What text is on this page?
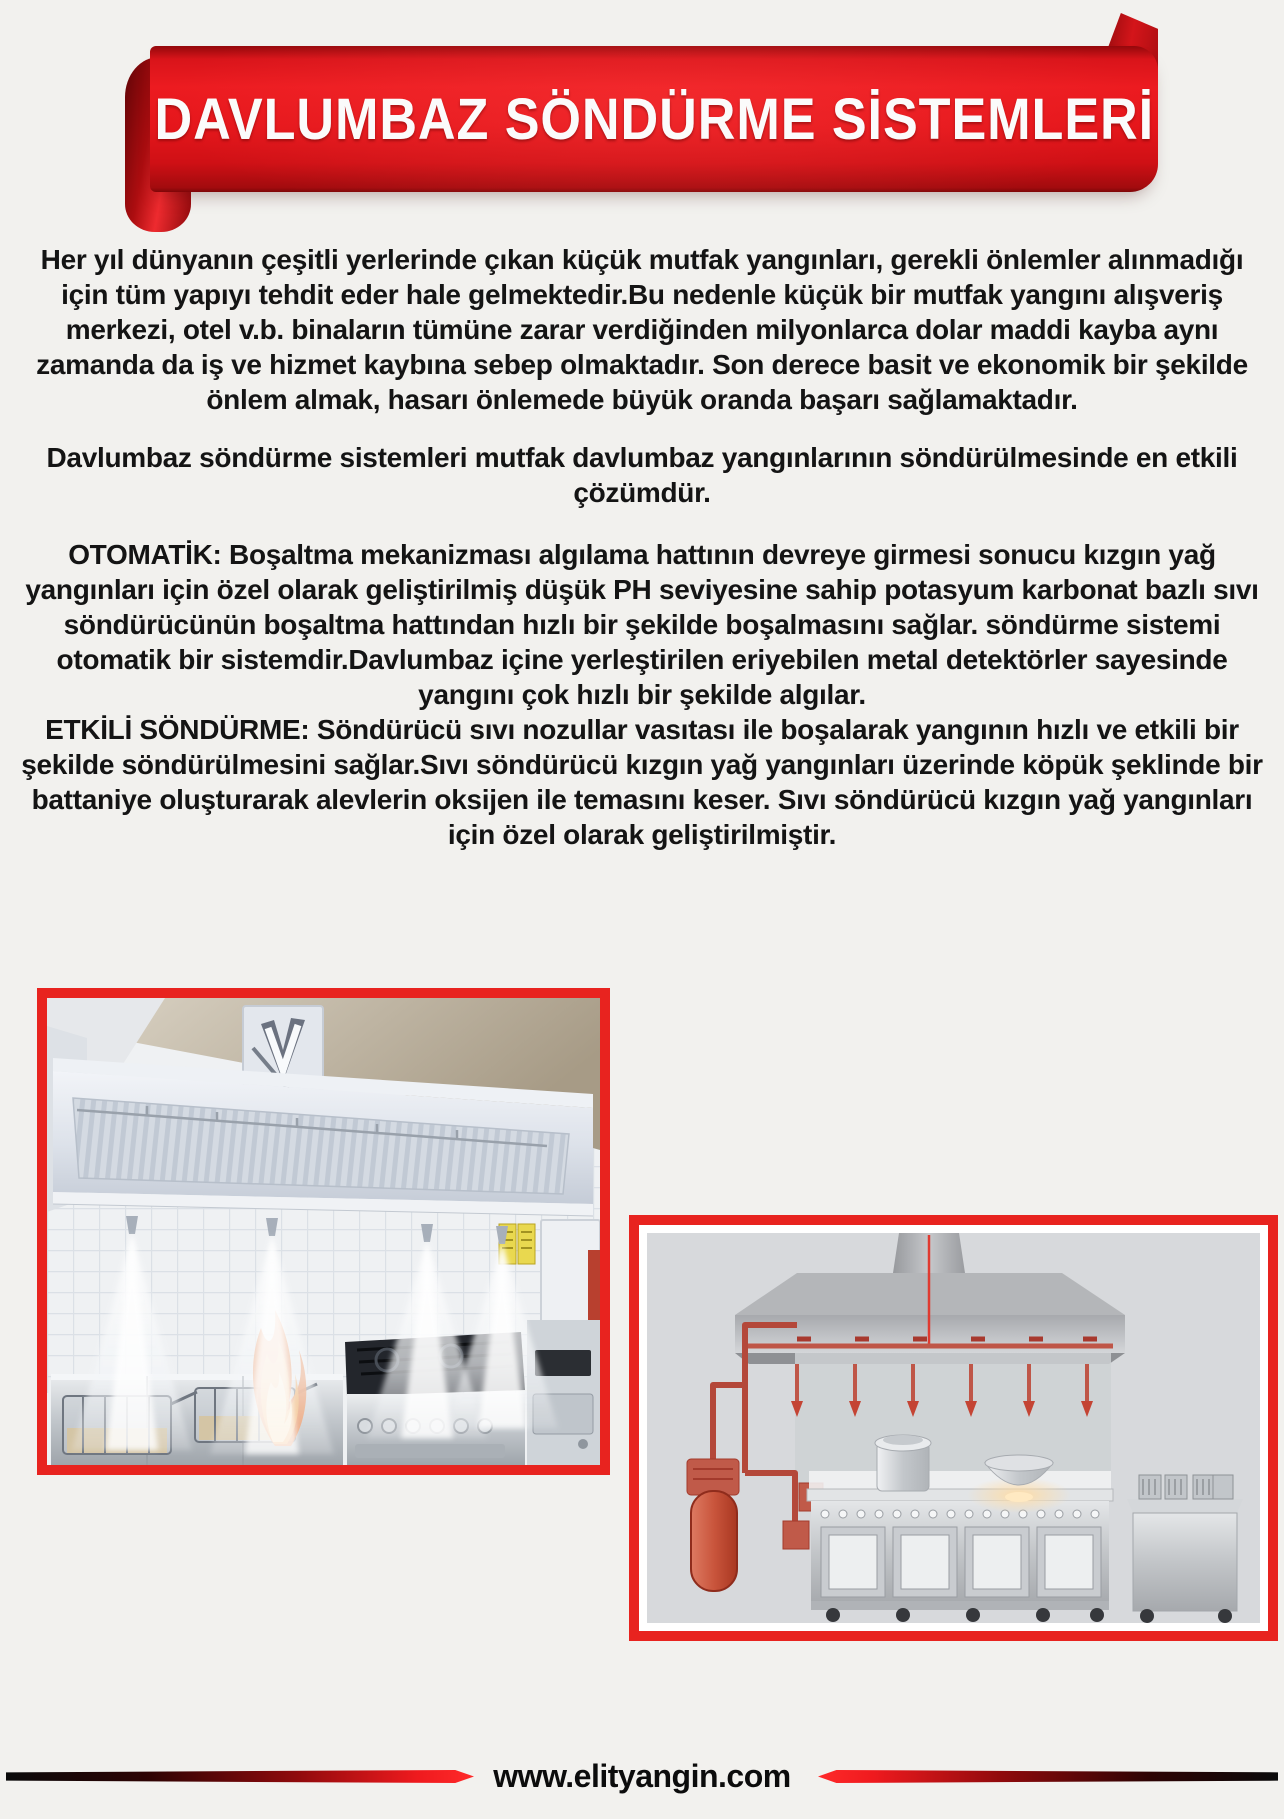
DAVLUMBAZ SÖNDÜRME SİSTEMLERİ

Her yıl dünyanın çeşitli yerlerinde çıkan küçük mutfak yangınları, gerekli önlemler alınmadığı için tüm yapıyı tehdit eder hale gelmektedir.Bu nedenle küçük bir mutfak yangını alışveriş merkezi, otel v.b. binaların tümüne zarar verdiğinden milyonlarca dolar maddi kayba aynı zamanda da iş ve hizmet kaybına sebep olmaktadır. Son derece basit ve ekonomik bir şekilde önlem almak, hasarı önlemede büyük oranda başarı sağlamaktadır.

Davlumbaz söndürme sistemleri mutfak davlumbaz yangınlarının söndürülmesinde en etkili çözümdür.

OTOMATİK: Boşaltma mekanizması algılama hattının devreye girmesi sonucu kızgın yağ yangınları için özel olarak geliştirilmiş düşük PH seviyesine sahip potasyum karbonat bazlı sıvı söndürücünün boşaltma hattından hızlı bir şekilde boşalmasını sağlar. söndürme sistemi otomatik bir sistemdir.Davlumbaz içine yerleştirilen eriyebilen metal detektörler sayesinde yangını çok hızlı bir şekilde algılar.

ETKİLİ SÖNDÜRME: Söndürücü sıvı nozullar vasıtası ile boşalarak yangının hızlı ve etkili bir şekilde söndürülmesini sağlar.Sıvı söndürücü kızgın yağ yangınları üzerinde köpük şeklinde bir battaniye oluşturarak alevlerin oksijen ile temasını keser. Sıvı söndürücü kızgın yağ yangınları için özel olarak geliştirilmiştir.

www.elityangin.com
